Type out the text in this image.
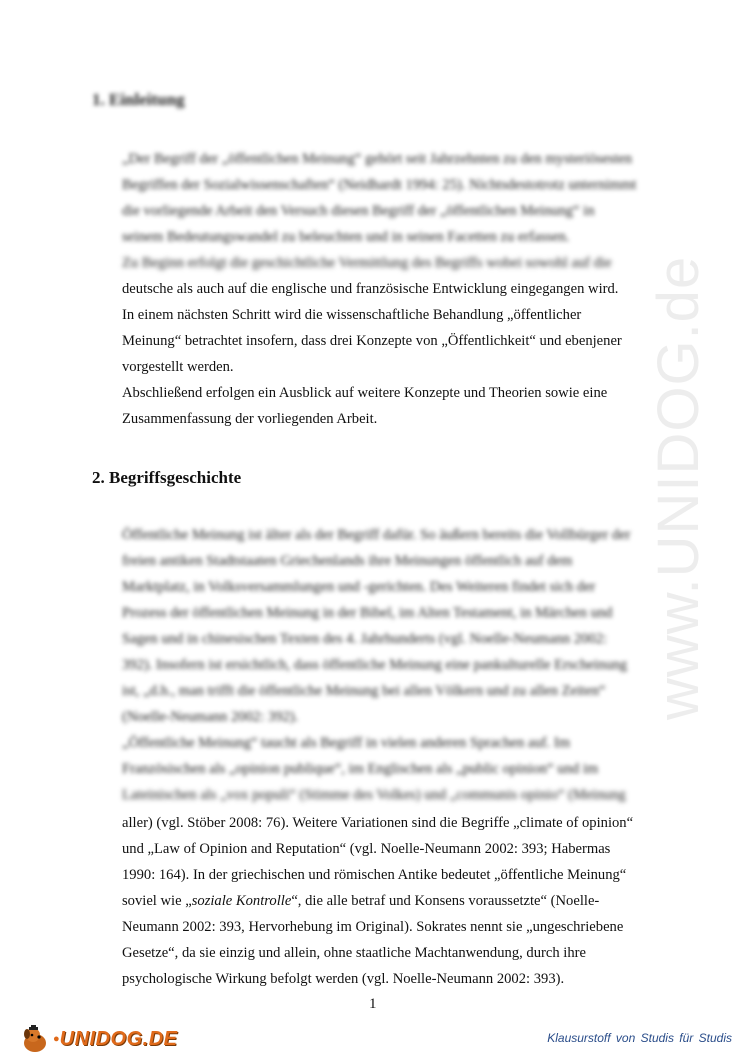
www.UNIDOG.de
1. Einleitung

„Der Begriff der „öffentlichen Meinung“ gehört seit Jahrzehnten zu den mysteriösesten

Begriffen der Sozialwissenschaften“ (Neidhardt 1994: 25). Nichtsdestotrotz unternimmt

die vorliegende Arbeit den Versuch diesen Begriff der „öffentlichen Meinung“ in

seinem Bedeutungswandel zu beleuchten und in seinen Facetten zu erfassen.

Zu Beginn erfolgt die geschichtliche Vermittlung des Begriffs wobei sowohl auf die

deutsche als auch auf die englische und französische Entwicklung eingegangen wird.

In einem nächsten Schritt wird die wissenschaftliche Behandlung „öffentlicher

Meinung“ betrachtet insofern, dass drei Konzepte von „Öffentlichkeit“ und ebenjener

vorgestellt werden.

Abschließend erfolgen ein Ausblick auf weitere Konzepte und Theorien sowie eine

Zusammenfassung der vorliegenden Arbeit.

2. Begriffsgeschichte

Öffentliche Meinung ist älter als der Begriff dafür. So äußern bereits die Vollbürger der

freien antiken Stadtstaaten Griechenlands ihre Meinungen öffentlich auf dem

Marktplatz, in Volksversammlungen und -gerichten. Des Weiteren findet sich der

Prozess der öffentlichen Meinung in der Bibel, im Alten Testament, in Märchen und

Sagen und in chinesischen Texten des 4. Jahrhunderts (vgl. Noelle-Neumann 2002:

392). Insofern ist ersichtlich, dass öffentliche Meinung eine pankulturelle Erscheinung

ist, „d.h., man trifft die öffentliche Meinung bei allen Völkern und zu allen Zeiten“

(Noelle-Neumann 2002: 392).

„Öffentliche Meinung“ taucht als Begriff in vielen anderen Sprachen auf. Im

Französischen als „opinion publique“, im Englischen als „public opinion“ und im

Lateinischen als „vox populi“ (Stimme des Volkes) und „communis opinio“ (Meinung

aller) (vgl. Stöber 2008: 76). Weitere Variationen sind die Begriffe „climate of opinion“

und „Law of Opinion and Reputation“ (vgl. Noelle-Neumann 2002: 393; Habermas

1990: 164). In der griechischen und römischen Antike bedeutet „öffentliche Meinung“

soviel wie „soziale Kontrolle“, die alle betraf und Konsens voraussetzte“ (Noelle-

Neumann 2002: 393, Hervorhebung im Original). Sokrates nennt sie „ungeschriebene

Gesetze“, da sie einzig und allein, ohne staatliche Machtanwendung, durch ihre

psychologische Wirkung befolgt werden (vgl. Noelle-Neumann 2002: 393).

1
● UNIDOG.DE	Klausurstoff von Studis für Studis
